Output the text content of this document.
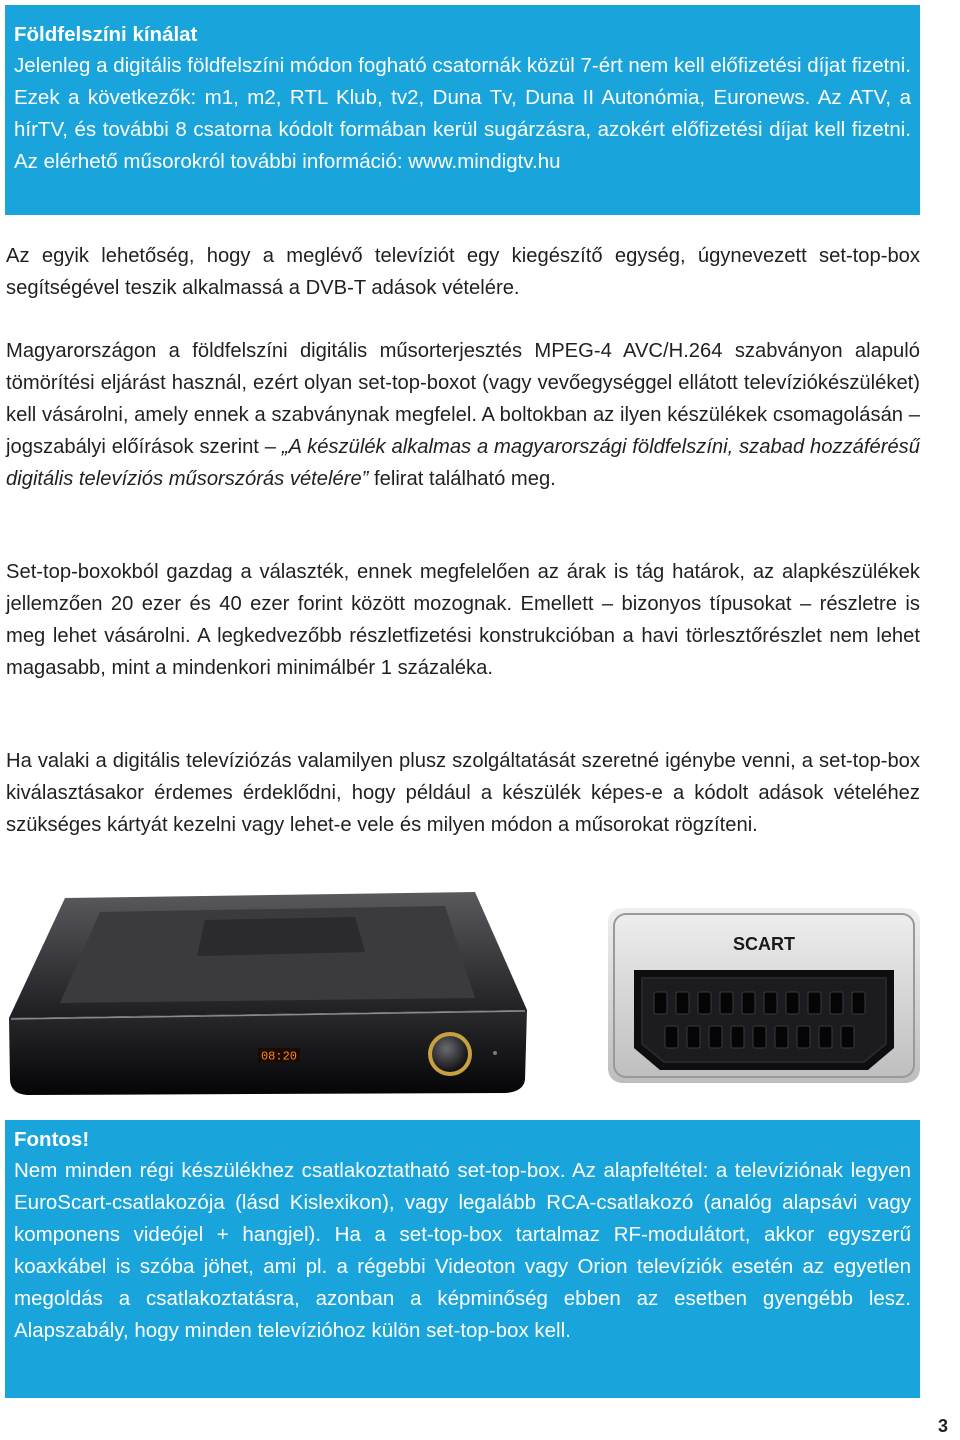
Földfelszíni kínálat
Jelenleg a digitális földfelszíni módon fogható csatornák közül 7-ért nem kell előfizetési díjat fizetni. Ezek a következők: m1, m2, RTL Klub, tv2, Duna Tv, Duna II Autonómia, Euronews. Az ATV, a hírTV, és további 8 csatorna kódolt formában kerül sugárzásra, azokért előfizetési díjat kell fizetni. Az elérhető műsorokról további információ: www.mindigtv.hu

Az egyik lehetőség, hogy a meglévő televíziót egy kiegészítő egység, úgynevezett set-top-box segítségével teszik alkalmassá a DVB-T adások vételére.

Magyarországon a földfelszíni digitális műsorterjesztés MPEG-4 AVC/H.264 szabványon alapuló tömörítési eljárást használ, ezért olyan set-top-boxot (vagy vevőegységgel ellátott televíziókészüléket) kell vásárolni, amely ennek a szabványnak megfelel. A boltokban az ilyen készülékek csomagolásán – jogszabályi előírások szerint – „A készülék alkalmas a magyarországi földfelszíni, szabad hozzáférésű digitális televíziós műsorszórás vételére” felirat található meg.

Set-top-boxokból gazdag a választék, ennek megfelelően az árak is tág határok, az alapkészülékek jellemzően 20 ezer és 40 ezer forint között mozognak. Emellett – bizonyos típusokat – részletre is meg lehet vásárolni. A legkedvezőbb részletfizetési konstrukcióban a havi törlesztőrészlet nem lehet magasabb, mint a mindenkori minimálbér 1 százaléka.

Ha valaki a digitális televíziózás valamilyen plusz szolgáltatását szeretné igénybe venni, a set-top-box kiválasztásakor érdemes érdeklődni, hogy például a készülék képes-e a kódolt adások vételéhez szükséges kártyát kezelni vagy lehet-e vele és milyen módon a műsorokat rögzíteni.

08:20
SCART
Fontos!
Nem minden régi készülékhez csatlakoztatható set-top-box. Az alapfeltétel: a televíziónak legyen EuroScart-csatlakozója (lásd Kislexikon), vagy legalább RCA-csatlakozó (analóg alapsávi vagy komponens videójel + hangjel). Ha a set-top-box tartalmaz RF-modulátort, akkor egyszerű koaxkábel is szóba jöhet, ami pl. a régebbi Videoton vagy Orion televíziók esetén az egyetlen megoldás a csatlakoztatásra, azonban a képminőség ebben az esetben gyengébb lesz. Alapszabály, hogy minden televízióhoz külön set-top-box kell.
3
